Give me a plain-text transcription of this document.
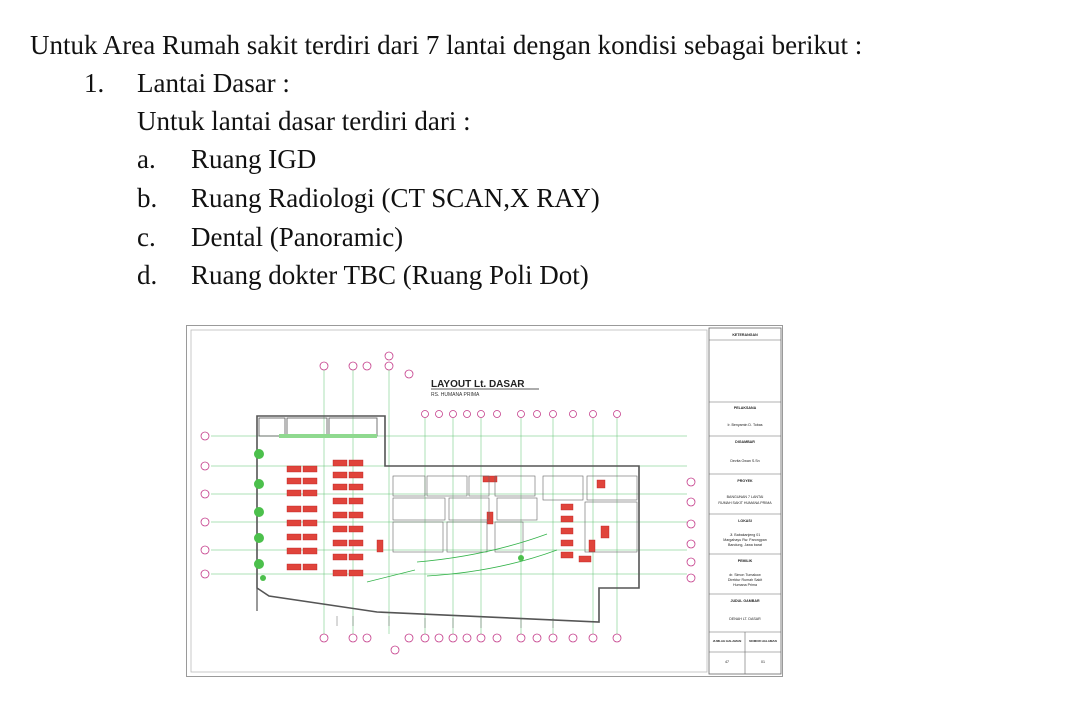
Untuk Area Rumah sakit terdiri dari 7 lantai dengan kondisi sebagai berikut :
1. Lantai Dasar :
Untuk lantai dasar terdiri dari :
a. Ruang IGD
b. Ruang Radiologi (CT SCAN,X RAY)
c. Dental (Panoramic)
d. Ruang dokter TBC (Ruang Poli Dot)
LAYOUT Lt. DASAR
RS. HUMANA PRIMA
KETERANGAN
PELAKSANA
Ir. Benyamin D. Tobas
DIGAMBAR
Devita Owan S.Sn
PROYEK
BANGUNAN 7 LANTAI
RUMAH SAKIT HUMANA PRIMA
LOKASI
Jl. Babakanjeng 01
Margahayu Rw. Parongpan
Bandung, Jawa barat
PEMILIK
dr. Simon Tumakow
Direktur Rumah Sakit
Humana Prima
JUDUL GAMBAR
DENAH LT. DASAR
JUMLAH HALAMAN	NOMOR HALAMAN
47	01
